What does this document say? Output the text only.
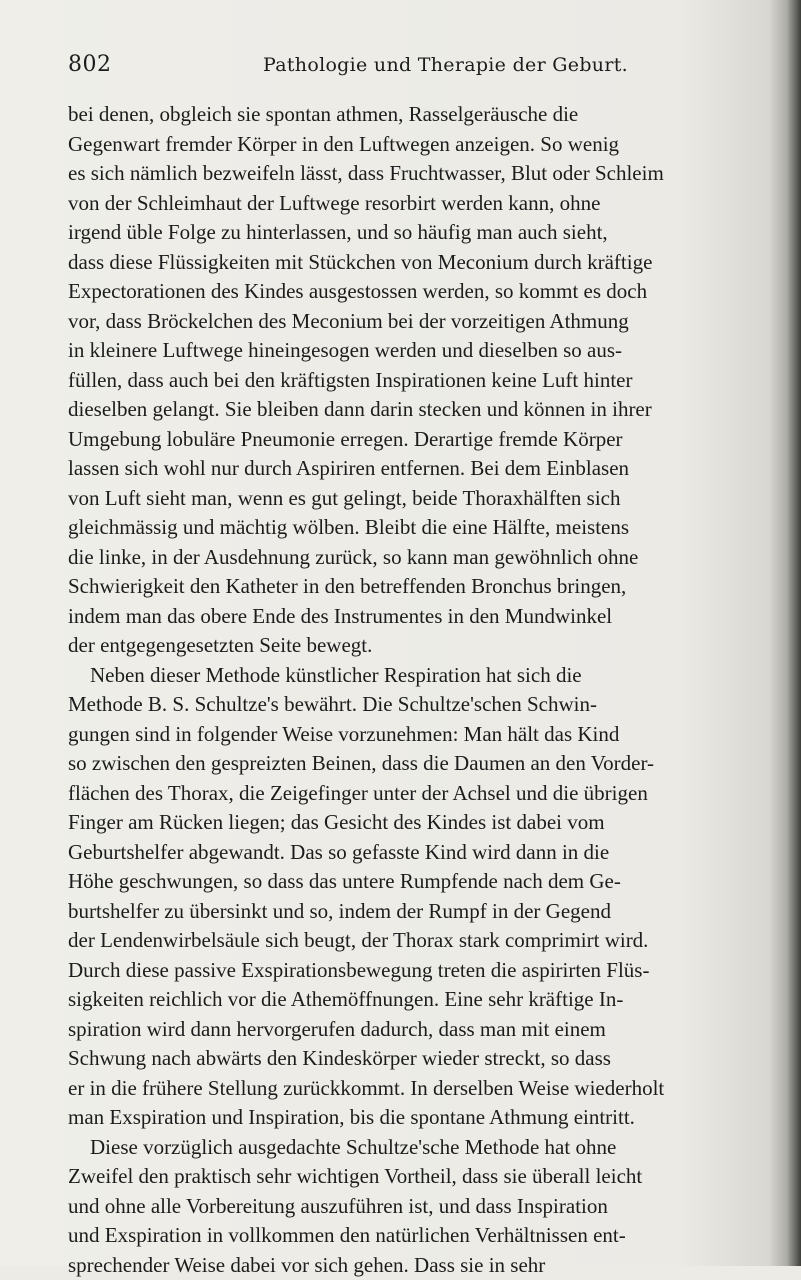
802	Pathologie und Therapie der Geburt.
bei denen, obgleich sie spontan athmen, Rasselgeräusche die
Gegenwart fremder Körper in den Luftwegen anzeigen. So wenig
es sich nämlich bezweifeln lässt, dass Fruchtwasser, Blut oder Schleim
von der Schleimhaut der Luftwege resorbirt werden kann, ohne
irgend üble Folge zu hinterlassen, und so häufig man auch sieht,
dass diese Flüssigkeiten mit Stückchen von Meconium durch kräftige
Expectorationen des Kindes ausgestossen werden, so kommt es doch
vor, dass Bröckelchen des Meconium bei der vorzeitigen Athmung
in kleinere Luftwege hineingesogen werden und dieselben so aus-
füllen, dass auch bei den kräftigsten Inspirationen keine Luft hinter
dieselben gelangt. Sie bleiben dann darin stecken und können in ihrer
Umgebung lobuläre Pneumonie erregen. Derartige fremde Körper
lassen sich wohl nur durch Aspiriren entfernen. Bei dem Einblasen
von Luft sieht man, wenn es gut gelingt, beide Thoraxhälften sich
gleichmässig und mächtig wölben. Bleibt die eine Hälfte, meistens
die linke, in der Ausdehnung zurück, so kann man gewöhnlich ohne
Schwierigkeit den Katheter in den betreffenden Bronchus bringen,
indem man das obere Ende des Instrumentes in den Mundwinkel
der entgegengesetzten Seite bewegt.
Neben dieser Methode künstlicher Respiration hat sich die
Methode B. S. Schultze's bewährt. Die Schultze'schen Schwin-
gungen sind in folgender Weise vorzunehmen: Man hält das Kind
so zwischen den gespreizten Beinen, dass die Daumen an den Vorder-
flächen des Thorax, die Zeigefinger unter der Achsel und die übrigen
Finger am Rücken liegen; das Gesicht des Kindes ist dabei vom
Geburtshelfer abgewandt. Das so gefasste Kind wird dann in die
Höhe geschwungen, so dass das untere Rumpfende nach dem Ge-
burtshelfer zu übersinkt und so, indem der Rumpf in der Gegend
der Lendenwirbelsäule sich beugt, der Thorax stark comprimirt wird.
Durch diese passive Exspirationsbewegung treten die aspirirten Flüs-
sigkeiten reichlich vor die Athemöffnungen. Eine sehr kräftige In-
spiration wird dann hervorgerufen dadurch, dass man mit einem
Schwung nach abwärts den Kindeskörper wieder streckt, so dass
er in die frühere Stellung zurückkommt. In derselben Weise wiederholt
man Exspiration und Inspiration, bis die spontane Athmung eintritt.
Diese vorzüglich ausgedachte Schultze'sche Methode hat ohne
Zweifel den praktisch sehr wichtigen Vortheil, dass sie überall leicht
und ohne alle Vorbereitung auszuführen ist, und dass Inspiration
und Exspiration in vollkommen den natürlichen Verhältnissen ent-
sprechender Weise dabei vor sich gehen. Dass sie in sehr
